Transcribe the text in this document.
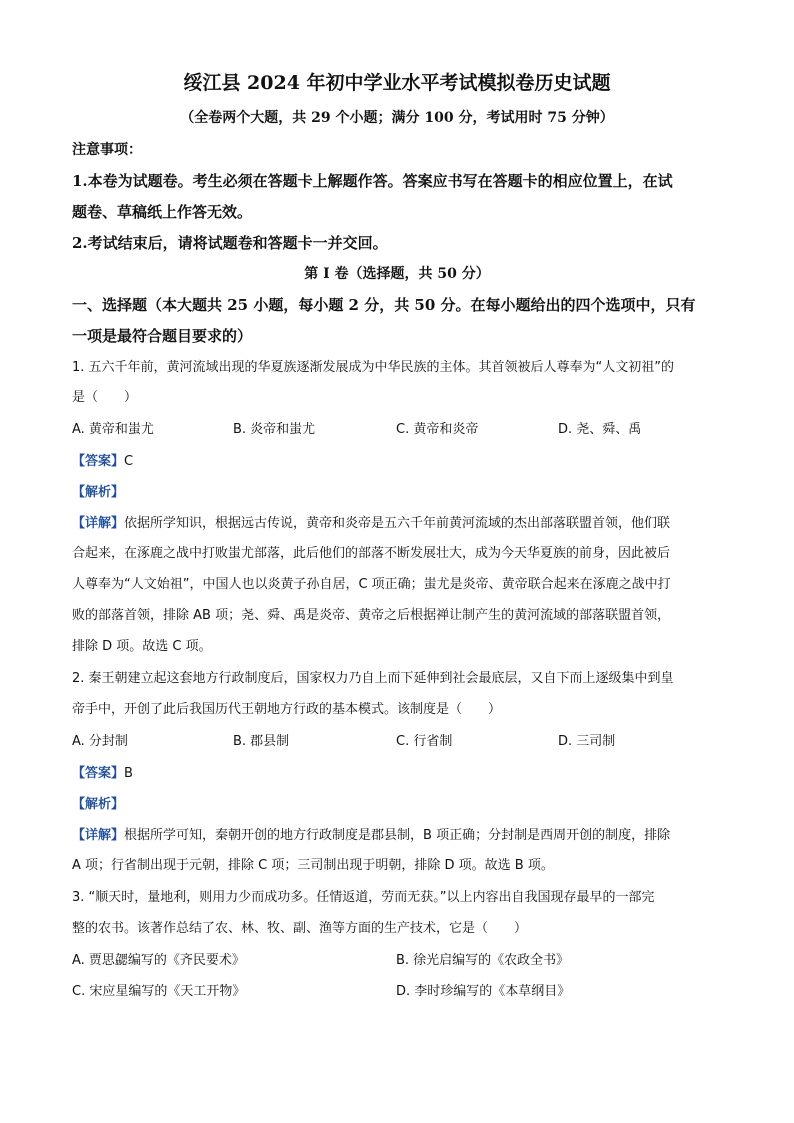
绥江县 2024 年初中学业水平考试模拟卷历史试题
（全卷两个大题，共 29 个小题；满分 100 分，考试用时 75 分钟）
注意事项：
1.本卷为试题卷。考生必须在答题卡上解题作答。答案应书写在答题卡的相应位置上，在试
题卷、草稿纸上作答无效。
2.考试结束后，请将试题卷和答题卡一并交回。
第 I 卷（选择题，共 50 分）
一、选择题（本大题共 25 小题，每小题 2 分，共 50 分。在每小题给出的四个选项中，只有
一项是最符合题目要求的）
1. 五六千年前，黄河流域出现的华夏族逐渐发展成为中华民族的主体。其首领被后人尊奉为“人文初祖”的
是（　　）
A. 黄帝和蚩尤	B. 炎帝和蚩尤	C. 黄帝和炎帝	D. 尧、舜、禹
【答案】C
【解析】
【详解】依据所学知识，根据远古传说，黄帝和炎帝是五六千年前黄河流域的杰出部落联盟首领，他们联
合起来，在涿鹿之战中打败蚩尤部落，此后他们的部落不断发展壮大，成为今天华夏族的前身，因此被后
人尊奉为“人文始祖”，中国人也以炎黄子孙自居，C 项正确；蚩尤是炎帝、黄帝联合起来在涿鹿之战中打
败的部落首领，排除 AB 项；尧、舜、禹是炎帝、黄帝之后根据禅让制产生的黄河流域的部落联盟首领，
排除 D 项。故选 C 项。
2. 秦王朝建立起这套地方行政制度后，国家权力乃自上而下延伸到社会最底层，又自下而上逐级集中到皇
帝手中，开创了此后我国历代王朝地方行政的基本模式。该制度是（　　）
A. 分封制	B. 郡县制	C. 行省制	D. 三司制
【答案】B
【解析】
【详解】根据所学可知，秦朝开创的地方行政制度是郡县制，B 项正确；分封制是西周开创的制度，排除
A 项；行省制出现于元朝，排除 C 项；三司制出现于明朝，排除 D 项。故选 B 项。
3. “顺天时，量地利，则用力少而成功多。任情返道，劳而无获。”以上内容出自我国现存最早的一部完
整的农书。该著作总结了农、林、牧、副、渔等方面的生产技术，它是（　　）
A. 贾思勰编写的《齐民要术》	B. 徐光启编写的《农政全书》
C. 宋应星编写的《天工开物》	D. 李时珍编写的《本草纲目》
